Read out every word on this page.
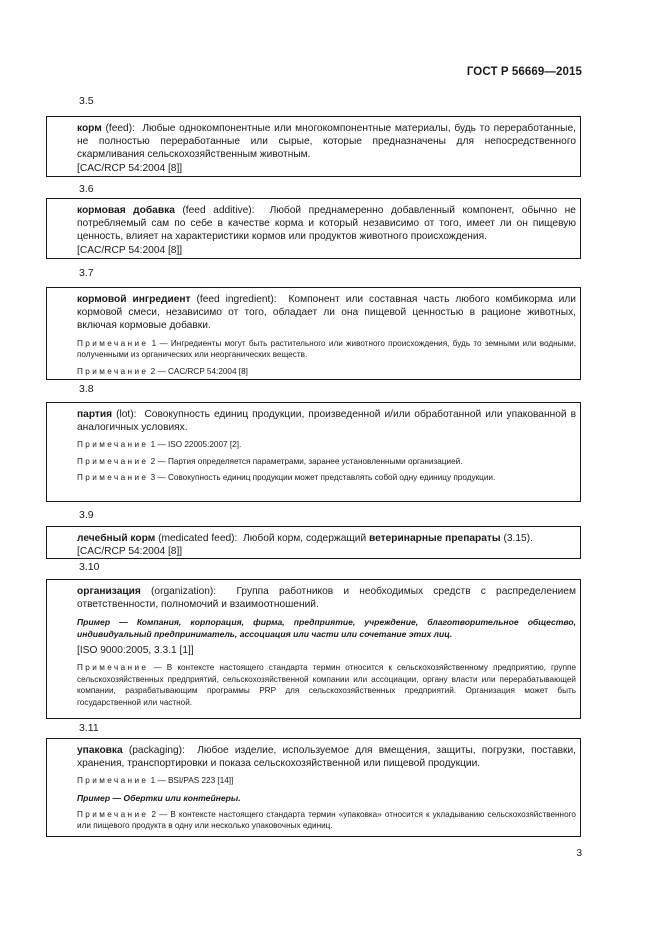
ГОСТ Р 56669—2015
3.5

корм (feed): Любые однокомпонентные или многокомпонентные материалы, будь то переработанные, не полностью переработанные или сырые, которые предназначены для непосредственного скармливания сельскохозяйственным животным.
[CAC/RCP 54:2004 [8]]

3.6

кормовая добавка (feed additive): Любой преднамеренно добавленный компонент, обычно не потребляемый сам по себе в качестве корма и который независимо от того, имеет ли он пищевую ценность, влияет на характеристики кормов или продуктов животного происхождения.
[CAC/RCP 54:2004 [8]]

3.7

кормовой ингредиент (feed ingredient): Компонент или составная часть любого комбикорма или кормовой смеси, независимо от того, обладает ли она пищевой ценностью в рационе животных, включая кормовые добавки.

Примечание 1 — Ингредиенты могут быть растительного или животного происхождения, будь то земными или водными, полученными из органических или неорганических веществ.

Примечание 2 — CAC/RCP 54:2004 [8]

3.8

партия (lot): Совокупность единиц продукции, произведенной и/или обработанной или упакованной в аналогичных условиях.

Примечание 1 — ISO 22005:2007 [2].

Примечание 2 — Партия определяется параметрами, заранее установленными организацией.

Примечание 3 — Совокупность единиц продукции может представлять собой одну единицу продукции.

3.9

лечебный корм (medicated feed): Любой корм, содержащий ветеринарные препараты (3.15).
[CAC/RCP 54:2004 [8]]

3.10

организация (organization): Группа работников и необходимых средств с распределением ответственности, полномочий и взаимоотношений.

Пример — Компания, корпорация, фирма, предприятие, учреждение, благотворительное общество, индивидуальный предприниматель, ассоциация или части или сочетание этих лиц.

[ISO 9000:2005, 3.3.1 [1]]

Примечание — В контексте настоящего стандарта термин относится к сельскохозяйственному предприятию, группе сельскохозяйственных предприятий, сельскохозяйственной компании или ассоциации, органу власти или перерабатывающей компании, разрабатывающим программы PRP для сельскохозяйственных предприятий. Организация может быть государственной или частной.

3.11

упаковка (packaging): Любое изделие, используемое для вмещения, защиты, погрузки, поставки, хранения, транспортировки и показа сельскохозяйственной или пищевой продукции.

Примечание 1 — BSI/PAS 223 [14]]

Пример — Обертки или контейнеры.

Примечание 2 — В контексте настоящего стандарта термин «упаковка» относится к укладыванию сельскохозяйственного или пищевого продукта в одну или несколько упаковочных единиц.

3
